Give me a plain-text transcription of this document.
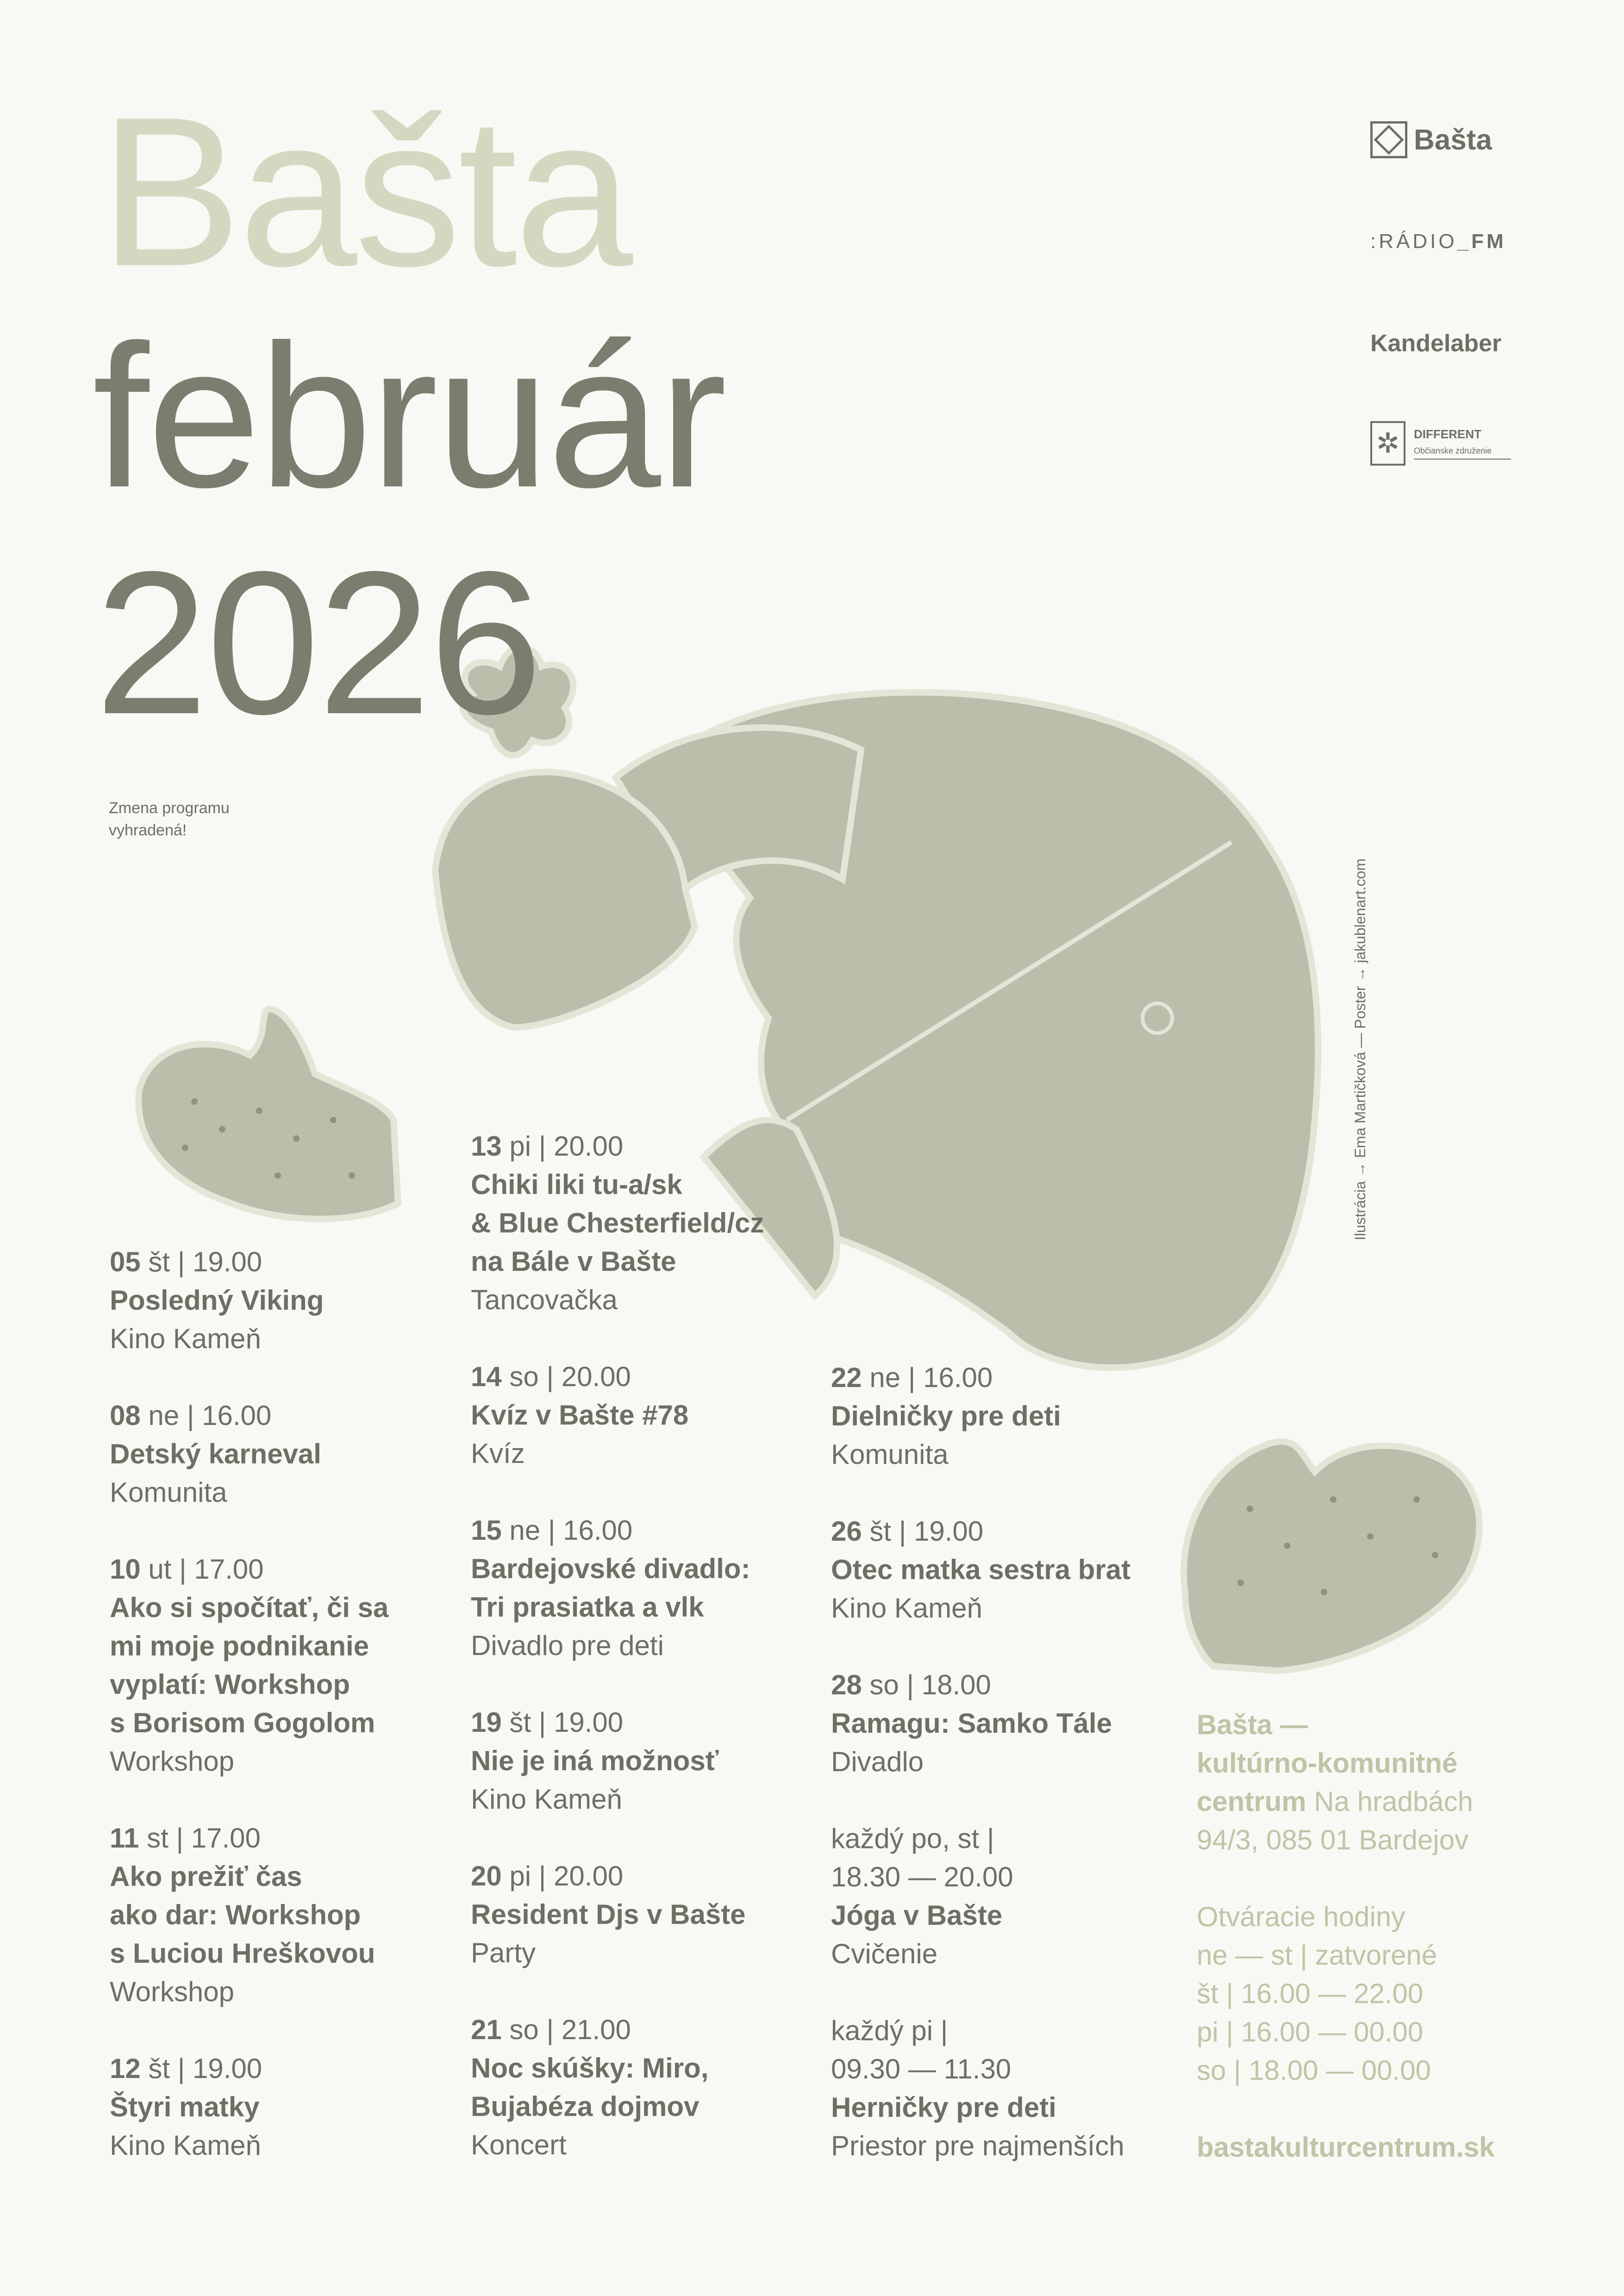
Bašta
február
2026
Zmena programu vyhradená!
Bašta
: RÁDIO _FM
Kandelaber
✲	DIFFERENT
Občianske združenie
Ilustrácia → Ema Martičková — Poster → jakublenart.com
05 št | 19.00
Posledný Viking
Kino Kameň
08 ne | 16.00
Detský karneval
Komunita
10 ut | 17.00
Ako si spočítať, či sa
mi moje podnikanie
vyplatí: Workshop
s Borisom Gogolom
Workshop
11 st | 17.00
Ako prežiť čas
ako dar: Workshop
s Luciou Hreškovou
Workshop
12 št | 19.00
Štyri matky
Kino Kameň
13 pi | 20.00
Chiki liki tu-a/sk
& Blue Chesterfield/cz
na Bále v Bašte
Tancovačka
14 so | 20.00
Kvíz v Bašte #78
Kvíz
15 ne | 16.00
Bardejovské divadlo:
Tri prasiatka a vlk
Divadlo pre deti
19 št | 19.00
Nie je iná možnosť
Kino Kameň
20 pi | 20.00
Resident Djs v Bašte
Party
21 so | 21.00
Noc skúšky: Miro,
Bujabéza dojmov
Koncert
22 ne | 16.00
Dielničky pre deti
Komunita
26 št | 19.00
Otec matka sestra brat
Kino Kameň
28 so | 18.00
Ramagu: Samko Tále
Divadlo
každý po, st |
18.30 — 20.00
Jóga v Bašte
Cvičenie
každý pi |
09.30 — 11.30
Herničky pre deti
Priestor pre najmenších
Bašta —
kultúrno-komunitné
centrum Na hradbách
94/3, 085 01 Bardejov
Otváracie hodiny
ne — st | zatvorené
št | 16.00 — 22.00
pi | 16.00 — 00.00
so | 18.00 — 00.00
bastakulturcentrum.sk
